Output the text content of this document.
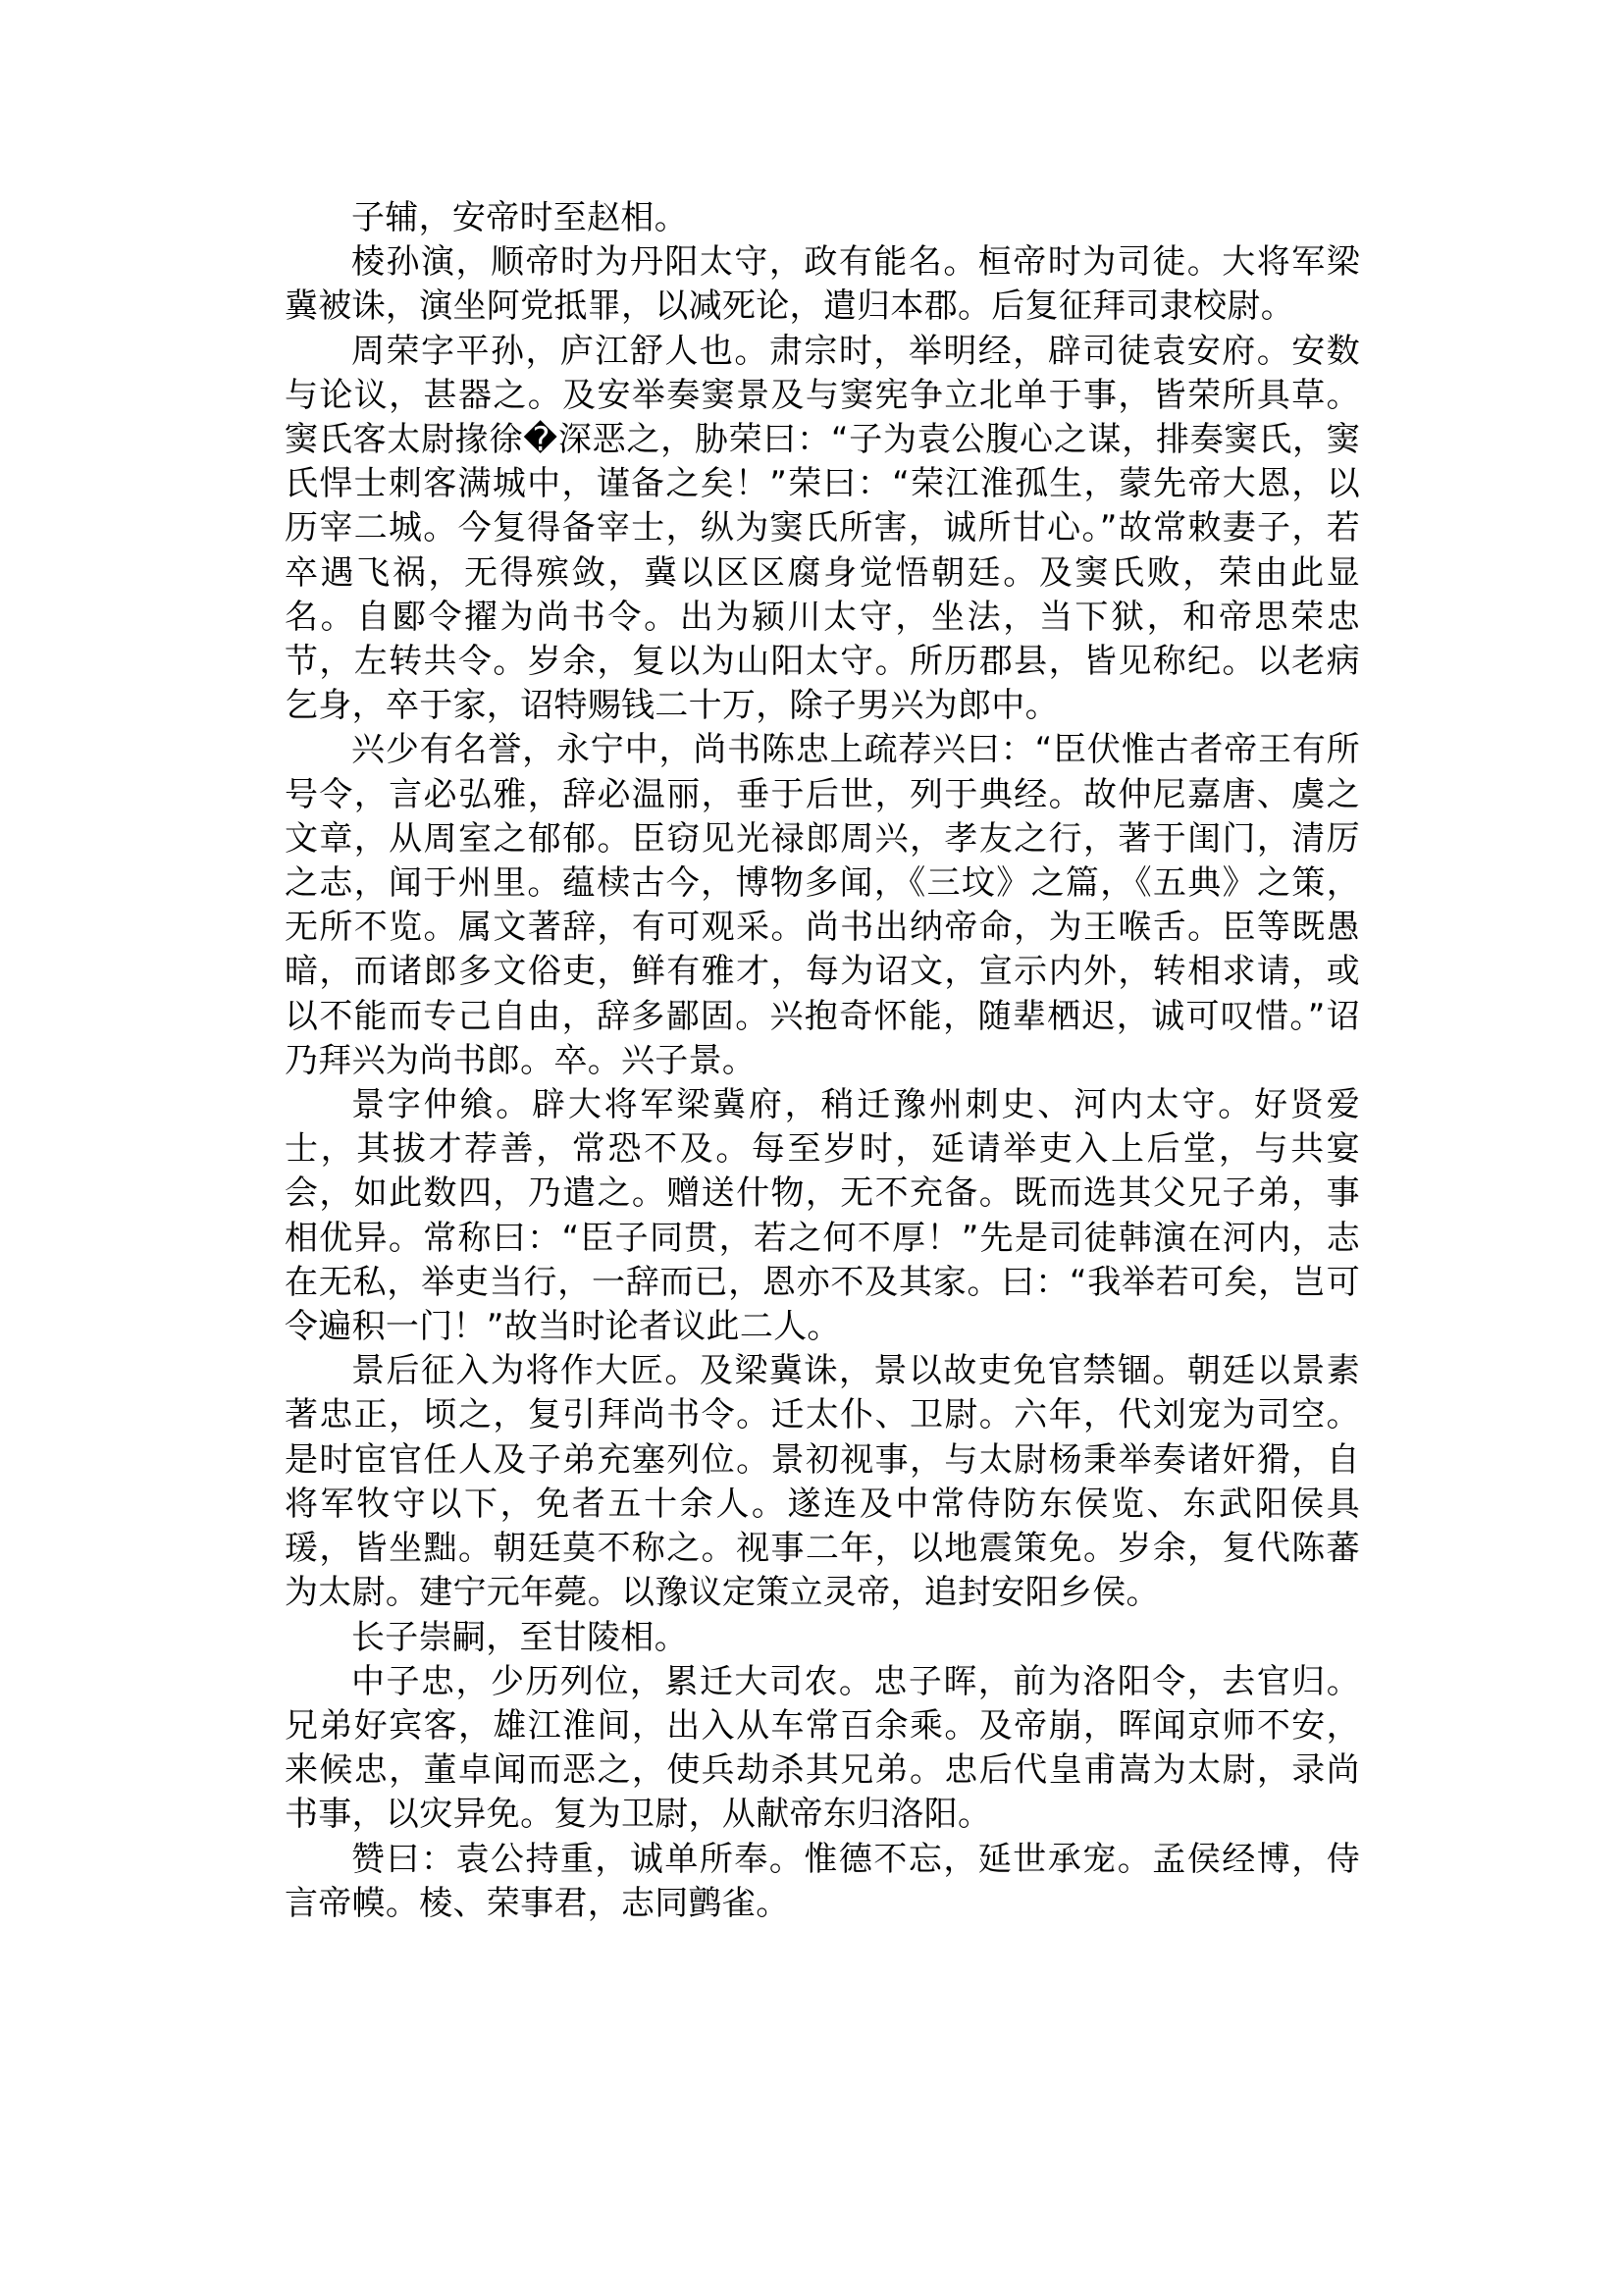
子辅，安帝时至赵相。

棱孙演，顺帝时为丹阳太守，政有能名。桓帝时为司徒。大将军梁冀被诛，演坐阿党抵罪，以减死论，遣归本郡。后复征拜司隶校尉。

周荣字平孙，庐江舒人也。肃宗时，举明经，辟司徒袁安府。安数与论议，甚器之。及安举奏窦景及与窦宪争立北单于事，皆荣所具草。窦氏客太尉掾徐�深恶之，胁荣曰：“子为袁公腹心之谋，排奏窦氏，窦氏悍士刺客满城中，谨备之矣！”荣曰：“荣江淮孤生，蒙先帝大恩，以历宰二城。今复得备宰士，纵为窦氏所害，诚所甘心。”故常敕妻子，若卒遇飞祸，无得殡敛，冀以区区腐身觉悟朝廷。及窦氏败，荣由此显名。自郾令擢为尚书令。出为颍川太守，坐法，当下狱，和帝思荣忠节，左转共令。岁余，复以为山阳太守。所历郡县，皆见称纪。以老病乞身，卒于家，诏特赐钱二十万，除子男兴为郎中。

兴少有名誉，永宁中，尚书陈忠上疏荐兴曰：“臣伏惟古者帝王有所号令，言必弘雅，辞必温丽，垂于后世，列于典经。故仲尼嘉唐、虞之文章，从周室之郁郁。臣窃见光禄郎周兴，孝友之行，著于闺门，清厉之志，闻于州里。蕴椟古今，博物多闻，《三坟》之篇，《五典》之策，无所不览。属文著辞，有可观采。尚书出纳帝命，为王喉舌。臣等既愚暗，而诸郎多文俗吏，鲜有雅才，每为诏文，宣示内外，转相求请，或以不能而专己自由，辞多鄙固。兴抱奇怀能，随辈栖迟，诚可叹惜。”诏乃拜兴为尚书郎。卒。兴子景。

景字仲飨。辟大将军梁冀府，稍迁豫州刺史、河内太守。好贤爱士，其拔才荐善，常恐不及。每至岁时，延请举吏入上后堂，与共宴会，如此数四，乃遣之。赠送什物，无不充备。既而选其父兄子弟，事相优异。常称曰：“臣子同贯，若之何不厚！”先是司徒韩演在河内，志在无私，举吏当行，一辞而已，恩亦不及其家。曰：“我举若可矣，岂可令遍积一门！”故当时论者议此二人。

景后征入为将作大匠。及梁冀诛，景以故吏免官禁锢。朝廷以景素著忠正，顷之，复引拜尚书令。迁太仆、卫尉。六年，代刘宠为司空。是时宦官任人及子弟充塞列位。景初视事，与太尉杨秉举奏诸奸猾，自将军牧守以下，免者五十余人。遂连及中常侍防东侯览、东武阳侯具瑗，皆坐黜。朝廷莫不称之。视事二年，以地震策免。岁余，复代陈蕃为太尉。建宁元年薨。以豫议定策立灵帝，追封安阳乡侯。

长子崇嗣，至甘陵相。

中子忠，少历列位，累迁大司农。忠子晖，前为洛阳令，去官归。兄弟好宾客，雄江淮间，出入从车常百余乘。及帝崩，晖闻京师不安，来候忠，董卓闻而恶之，使兵劫杀其兄弟。忠后代皇甫嵩为太尉，录尚书事，以灾异免。复为卫尉，从献帝东归洛阳。

赞曰：袁公持重，诚单所奉。惟德不忘，延世承宠。孟侯经博，侍言帝幙。棱、荣事君，志同鹯雀。
